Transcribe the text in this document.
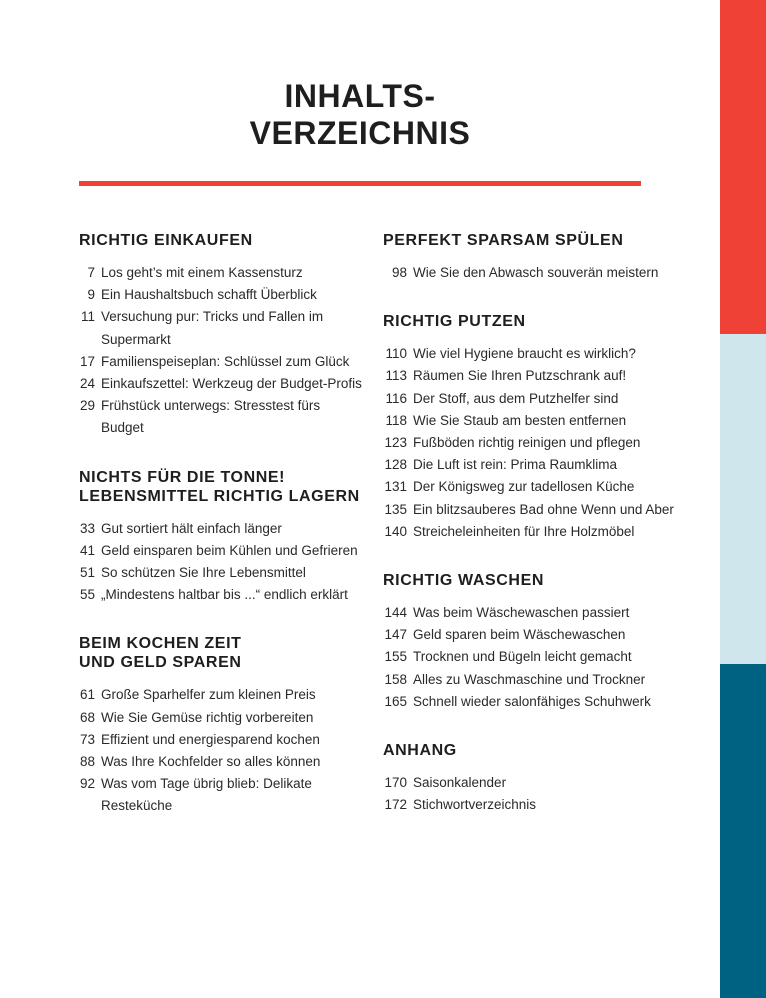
INHALTS-
VERZEICHNIS
RICHTIG EINKAUFEN
7 Los geht’s mit einem Kassensturz
9 Ein Haushaltsbuch schafft Überblick
11 Versuchung pur: Tricks und Fallen im Supermarkt
17 Familienspeiseplan: Schlüssel zum Glück
24 Einkaufszettel: Werkzeug der Budget-Profis
29 Frühstück unterwegs: Stresstest fürs Budget
NICHTS FÜR DIE TONNE!
LEBENSMITTEL RICHTIG LAGERN
33 Gut sortiert hält einfach länger
41 Geld einsparen beim Kühlen und Gefrieren
51 So schützen Sie Ihre Lebensmittel
55 „Mindestens haltbar bis ...“ endlich erklärt
BEIM KOCHEN ZEIT
UND GELD SPAREN
61 Große Sparhelfer zum kleinen Preis
68 Wie Sie Gemüse richtig vorbereiten
73 Effizient und energiesparend kochen
88 Was Ihre Kochfelder so alles können
92 Was vom Tage übrig blieb: Delikate Resteküche
PERFEKT SPARSAM SPÜLEN
98 Wie Sie den Abwasch souverän meistern
RICHTIG PUTZEN
110 Wie viel Hygiene braucht es wirklich?
113 Räumen Sie Ihren Putzschrank auf!
116 Der Stoff, aus dem Putzhelfer sind
118 Wie Sie Staub am besten entfernen
123 Fußböden richtig reinigen und pflegen
128 Die Luft ist rein: Prima Raumklima
131 Der Königsweg zur tadellosen Küche
135 Ein blitzsauberes Bad ohne Wenn und Aber
140 Streicheleinheiten für Ihre Holzmöbel
RICHTIG WASCHEN
144 Was beim Wäschewaschen passiert
147 Geld sparen beim Wäschewaschen
155 Trocknen und Bügeln leicht gemacht
158 Alles zu Waschmaschine und Trockner
165 Schnell wieder salonfähiges Schuhwerk
ANHANG
170 Saisonkalender
172 Stichwortverzeichnis
